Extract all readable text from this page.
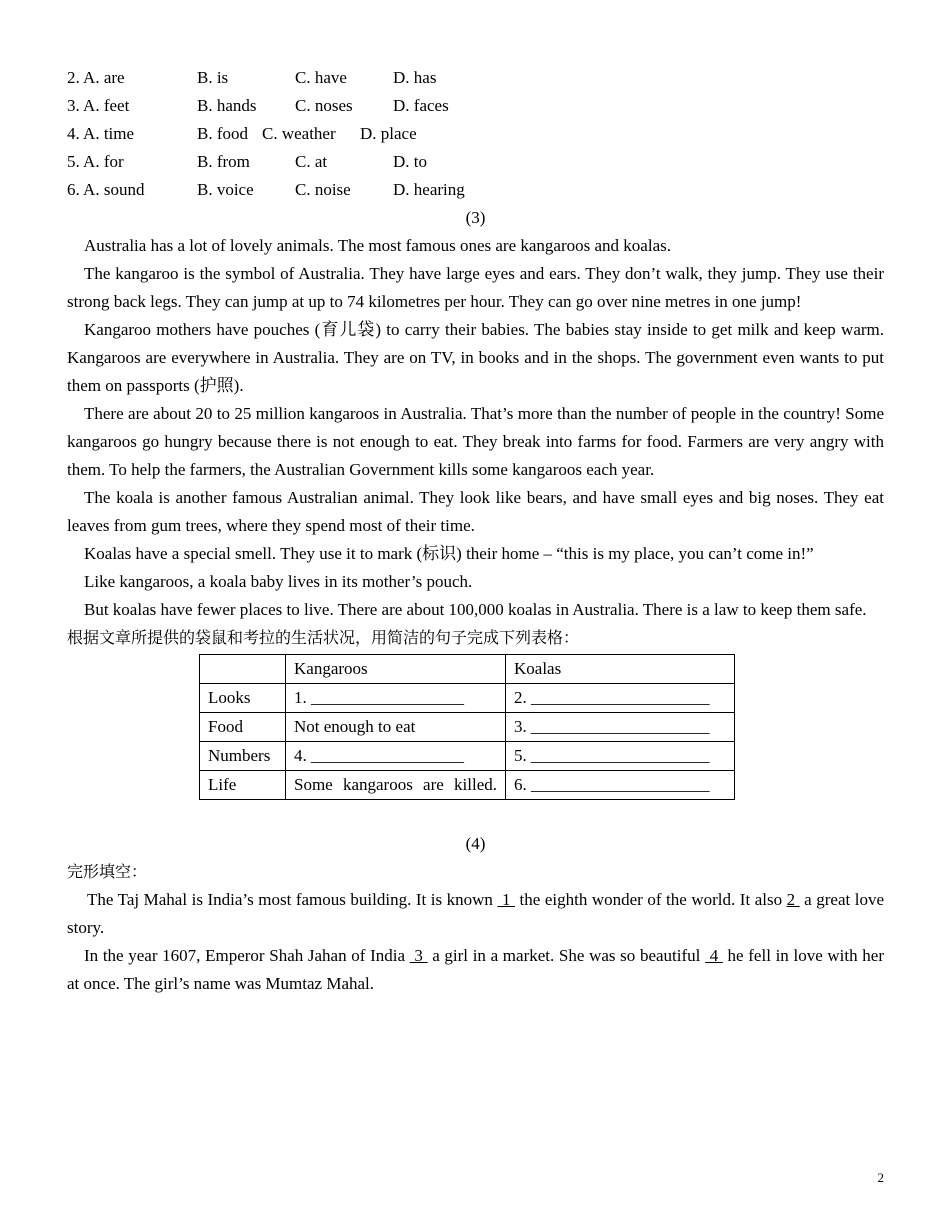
2. A. are	B. is	C. have	D. has
3. A. feet	B. hands	C. noses	D. faces
4. A. time	B. food C. weather	D. place
5. A. for	B. from	C. at	D. to
6. A. sound	B. voice	C. noise	D. hearing
(3)

Australia has a lot of lovely animals. The most famous ones are kangaroos and koalas.

The kangaroo is the symbol of Australia. They have large eyes and ears. They don’t walk, they jump. They use their strong back legs. They can jump at up to 74 kilometres per hour. They can go over nine metres in one jump!

Kangaroo mothers have pouches (育儿袋) to carry their babies. The babies stay inside to get milk and keep warm. Kangaroos are everywhere in Australia. They are on TV, in books and in the shops. The government even wants to put them on passports (护照).

There are about 20 to 25 million kangaroos in Australia. That’s more than the number of people in the country! Some kangaroos go hungry because there is not enough to eat. They break into farms for food. Farmers are very angry with them. To help the farmers, the Australian Government kills some kangaroos each year.

The koala is another famous Australian animal. They look like bears, and have small eyes and big noses. They eat leaves from gum trees, where they spend most of their time.

Koalas have a special smell. They use it to mark (标识) their home – “this is my place, you can’t come in!”

Like kangaroos, a koala baby lives in its mother’s pouch.

But koalas have fewer places to live. There are about 100,000 koalas in Australia. There is a law to keep them safe.

根据文章所提供的袋鼠和考拉的生活状况，用简洁的句子完成下列表格：
	Kangaroos	Koalas
Looks	1. __________________	2. _____________________
Food	Not enough to eat	3. _____________________
Numbers	4. __________________	5. _____________________
Life	Some kangaroos are killed.	6. _____________________
(4)
完形填空：

The Taj Mahal is India’s most famous building. It is known  1  the eighth wonder of the world. It also 2  a great love story.

In the year 1607, Emperor Shah Jahan of India  3  a girl in a market. She was so beautiful  4  he fell in love with her at once. The girl’s name was Mumtaz Mahal.

2
